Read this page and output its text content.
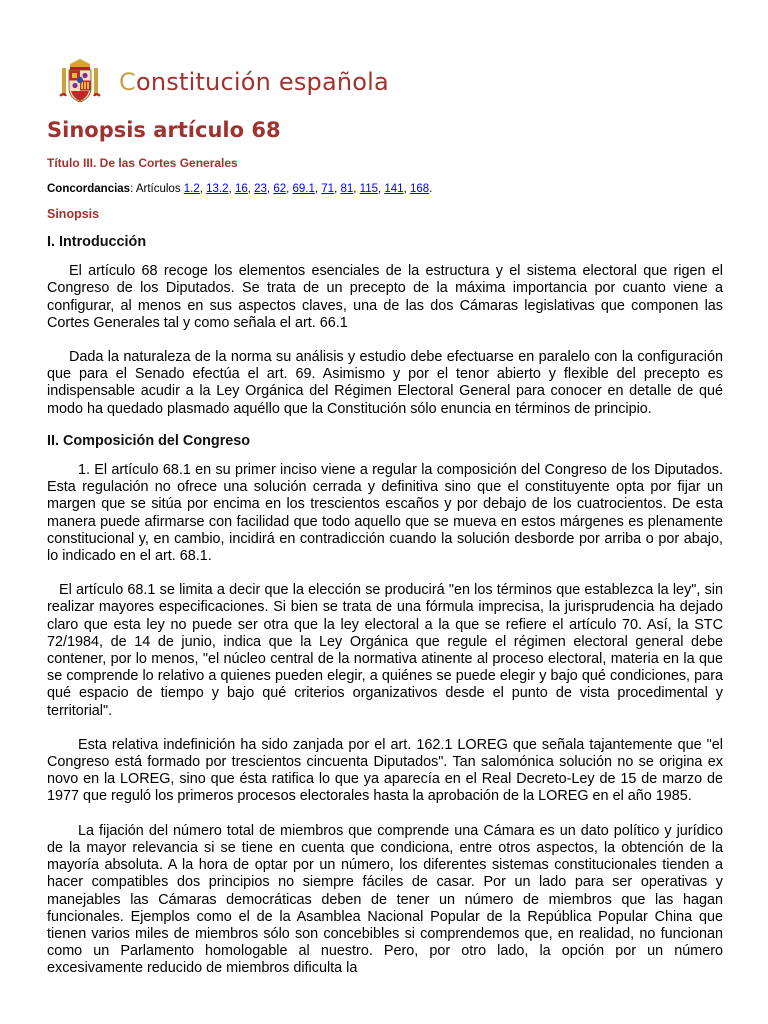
Constitución española
Sinopsis artículo 68
Título III. De las Cortes Generales
Concordancias: Artículos 1.2, 13.2, 16, 23, 62, 69.1, 71, 81, 115, 141, 168.
Sinopsis
I. Introducción

El artículo 68 recoge los elementos esenciales de la estructura y el sistema electoral que rigen el Congreso de los Diputados. Se trata de un precepto de la máxima importancia por cuanto viene a configurar, al menos en sus aspectos claves, una de las dos Cámaras legislativas que componen las Cortes Generales tal y como señala el art. 66.1

Dada la naturaleza de la norma su análisis y estudio debe efectuarse en paralelo con la configuración que para el Senado efectúa el art. 69. Asimismo y por el tenor abierto y flexible del precepto es indispensable acudir a la Ley Orgánica del Régimen Electoral General para conocer en detalle de qué modo ha quedado plasmado aquéllo que la Constitución sólo enuncia en términos de principio.

II. Composición del Congreso

1. El artículo 68.1 en su primer inciso viene a regular la composición del Congreso de los Diputados. Esta regulación no ofrece una solución cerrada y definitiva sino que el constituyente opta por fijar un margen que se sitúa por encima en los trescientos escaños y por debajo de los cuatrocientos. De esta manera puede afirmarse con facilidad que todo aquello que se mueva en estos márgenes es plenamente constitucional y, en cambio, incidirá en contradicción cuando la solución desborde por arriba o por abajo, lo indicado en el art. 68.1.

El artículo 68.1 se limita a decir que la elección se producirá "en los términos que establezca la ley", sin realizar mayores especificaciones. Si bien se trata de una fórmula imprecisa, la jurisprudencia ha dejado claro que esta ley no puede ser otra que la ley electoral a la que se refiere el artículo 70. Así, la STC 72/1984, de 14 de junio, indica que la Ley Orgánica que regule el régimen electoral general debe contener, por lo menos, "el núcleo central de la normativa atinente al proceso electoral, materia en la que se comprende lo relativo a quienes pueden elegir, a quiénes se puede elegir y bajo qué condiciones, para qué espacio de tiempo y bajo qué criterios organizativos desde el punto de vista procedimental y territorial".

Esta relativa indefinición ha sido zanjada por el art. 162.1 LOREG que señala tajantemente que "el Congreso está formado por trescientos cincuenta Diputados". Tan salomónica solución no se origina ex novo en la LOREG, sino que ésta ratifica lo que ya aparecía en el Real Decreto-Ley de 15 de marzo de 1977 que reguló los primeros procesos electorales hasta la aprobación de la LOREG en el año 1985.

La fijación del número total de miembros que comprende una Cámara es un dato político y jurídico de la mayor relevancia si se tiene en cuenta que condiciona, entre otros aspectos, la obtención de la mayoría absoluta. A la hora de optar por un número, los diferentes sistemas constitucionales tienden a hacer compatibles dos principios no siempre fáciles de casar. Por un lado para ser operativas y manejables las Cámaras democráticas deben de tener un número de miembros que las hagan funcionales. Ejemplos como el de la Asamblea Nacional Popular de la República Popular China que tienen varios miles de miembros sólo son concebibles si comprendemos que, en realidad, no funcionan como un Parlamento homologable al nuestro. Pero, por otro lado, la opción por un número excesivamente reducido de miembros dificulta la
